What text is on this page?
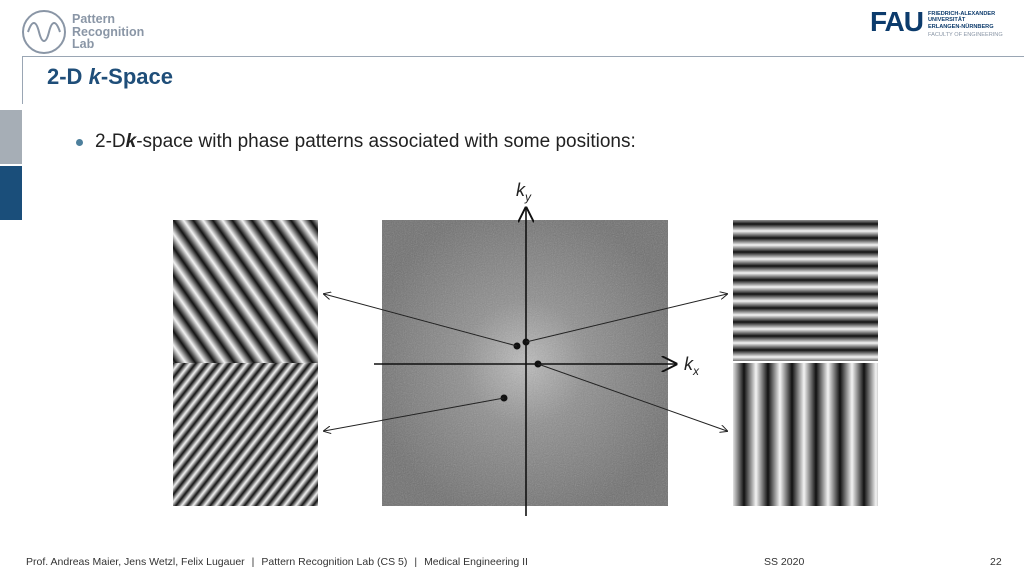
Pattern
Recognition
Lab
FAU FRIEDRICH-ALEXANDER
UNIVERSITÄT
ERLANGEN-NÜRNBERG
FACULTY OF ENGINEERING
2-D k-Space
2-D k -space with phase patterns associated with some positions:
$k_y$
$k_x$
Prof. Andreas Maier, Jens Wetzl, Felix Lugauer | Pattern Recognition Lab (CS 5) | Medical Engineering II	SS 2020	22
